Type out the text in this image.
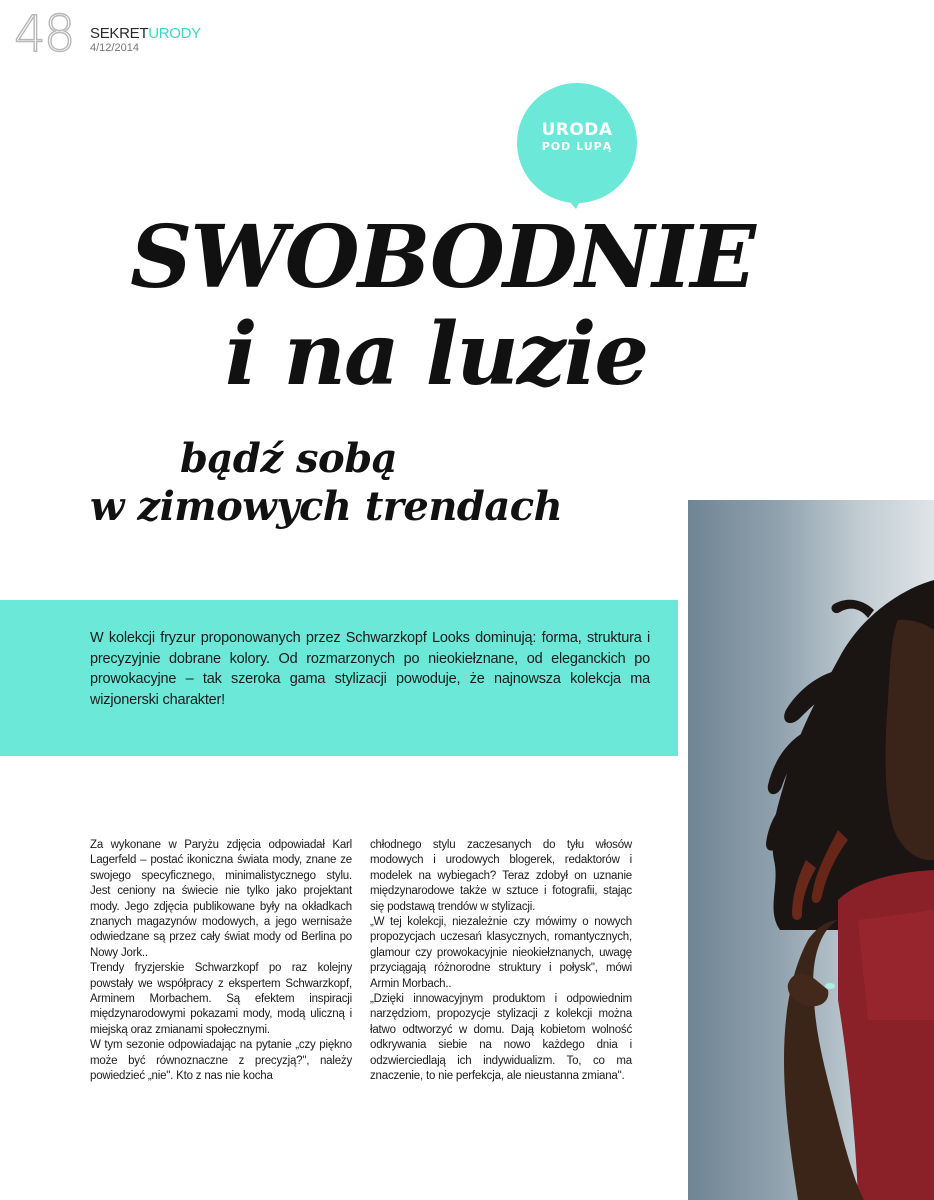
48 SEKRETURODY
4/12/2014
URODA
POD LUPĄ
SWOBODNIE
i na luzie
bądź sobą
w zimowych trendach
W kolekcji fryzur proponowanych przez Schwarzkopf Looks dominują: forma, struktura i precyzyjnie dobrane kolory. Od rozmarzonych po nieokiełznane, od eleganckich po prowokacyjne – tak szeroka gama stylizacji powoduje, że najnowsza kolekcja ma wizjonerski charakter!

Za wykonane w Paryżu zdjęcia odpowiadał Karl Lagerfeld – postać ikoniczna świata mody, znane ze swojego specyficznego, minimalistycznego stylu. Jest ceniony na świecie nie tylko jako projektant mody. Jego zdjęcia publikowane były na okładkach znanych magazynów modowych, a jego wernisaże odwiedzane są przez cały świat mody od Berlina po Nowy Jork..

Trendy fryzjerskie Schwarzkopf po raz kolejny powstały we współpracy z ekspertem Schwarzkopf, Arminem Morbachem. Są efektem inspiracji międzynarodowymi pokazami mody, modą uliczną i miejską oraz zmianami społecznymi.

W tym sezonie odpowiadając na pytanie „czy piękno może być równoznaczne z precyzją?", należy powiedzieć „nie". Kto z nas nie kocha

chłodnego stylu zaczesanych do tyłu włosów modowych i urodowych blogerek, redaktorów i modelek na wybiegach? Teraz zdobył on uznanie międzynarodowe także w sztuce i fotografii, stając się podstawą trendów w stylizacji.

„W tej kolekcji, niezależnie czy mówimy o nowych propozycjach uczesań klasycznych, romantycznych, glamour czy prowokacyjnie nieokiełznanych, uwagę przyciągają różnorodne struktury i połysk", mówi Armin Morbach..

„Dzięki innowacyjnym produktom i odpowiednim narzędziom, propozycje stylizacji z kolekcji można łatwo odtworzyć w domu. Dają kobietom wolność odkrywania siebie na nowo każdego dnia i odzwierciedlają ich indywidualizm. To, co ma znaczenie, to nie perfekcja, ale nieustanna zmiana".
